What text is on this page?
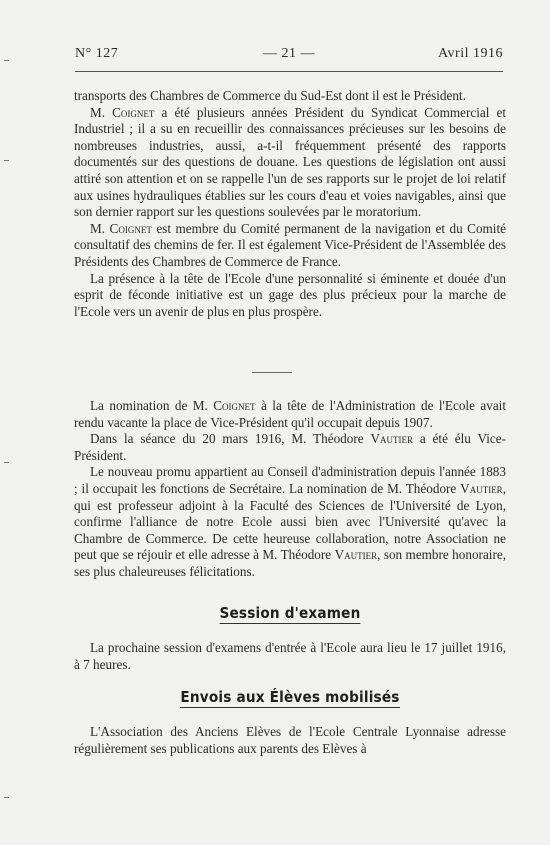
N° 127	— 21 —	Avril 1916

transports des Chambres de Commerce du Sud-Est dont il est le Président.

M. Coignet a été plusieurs années Président du Syndicat Commercial et Industriel ; il a su en recueillir des connaissances précieuses sur les besoins de nombreuses industries, aussi, a-t-il fréquemment présenté des rapports documentés sur des questions de douane. Les questions de législation ont aussi attiré son attention et on se rappelle l'un de ses rapports sur le projet de loi relatif aux usines hydrauliques établies sur les cours d'eau et voies navigables, ainsi que son dernier rapport sur les questions soulevées par le moratorium.

M. Coignet est membre du Comité permanent de la navigation et du Comité consultatif des chemins de fer. Il est également Vice-Président de l'Assemblée des Présidents des Chambres de Commerce de France.

La présence à la tête de l'Ecole d'une personnalité si éminente et douée d'un esprit de féconde initiative est un gage des plus précieux pour la marche de l'Ecole vers un avenir de plus en plus prospère.

La nomination de M. Coignet à la tête de l'Administration de l'Ecole avait rendu vacante la place de Vice-Président qu'il occupait depuis 1907.

Dans la séance du 20 mars 1916, M. Théodore Vautier a été élu Vice-Président.

Le nouveau promu appartient au Conseil d'administration depuis l'année 1883 ; il occupait les fonctions de Secrétaire. La nomination de M. Théodore Vautier, qui est professeur adjoint à la Faculté des Sciences de l'Université de Lyon, confirme l'alliance de notre Ecole aussi bien avec l'Université qu'avec la Chambre de Commerce. De cette heureuse collaboration, notre Association ne peut que se réjouir et elle adresse à M. Théodore Vautier, son membre honoraire, ses plus chaleureuses félicitations.

Session d'examen

La prochaine session d'examens d'entrée à l'Ecole aura lieu le 17 juillet 1916, à 7 heures.

Envois aux Élèves mobilisés

L'Association des Anciens Elèves de l'Ecole Centrale Lyonnaise adresse régulièrement ses publications aux parents des Elèves à
